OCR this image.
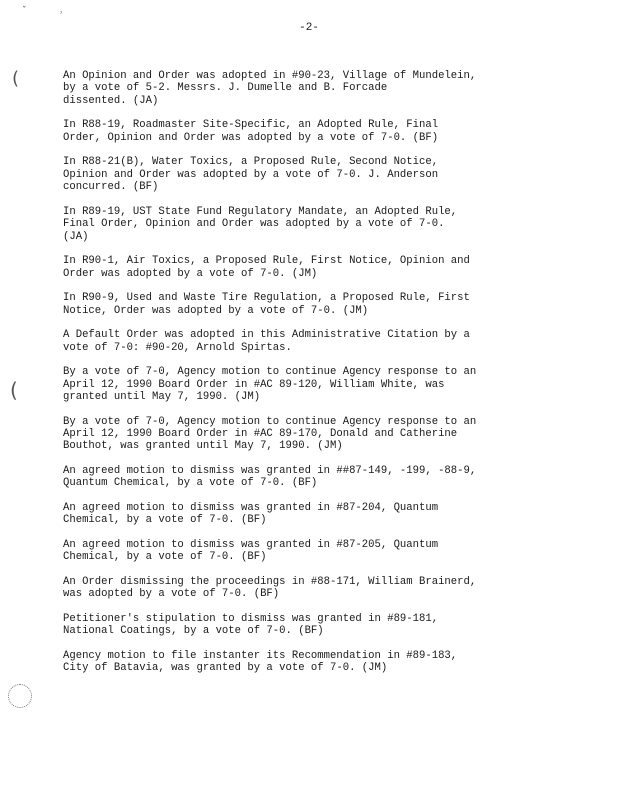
ˇ	˒
(
(
-2-

An Opinion and Order was adopted in #90-23, Village of Mundelein,
by a vote of 5-2. Messrs. J. Dumelle and B. Forcade
dissented. (JA)

In R88-19, Roadmaster Site-Specific, an Adopted Rule, Final
Order, Opinion and Order was adopted by a vote of 7-0. (BF)

In R88-21(B), Water Toxics, a Proposed Rule, Second Notice,
Opinion and Order was adopted by a vote of 7-0. J. Anderson
concurred. (BF)

In R89-19, UST State Fund Regulatory Mandate, an Adopted Rule,
Final Order, Opinion and Order was adopted by a vote of 7-0.
(JA)

In R90-1, Air Toxics, a Proposed Rule, First Notice, Opinion and
Order was adopted by a vote of 7-0. (JM)

In R90-9, Used and Waste Tire Regulation, a Proposed Rule, First
Notice, Order was adopted by a vote of 7-0. (JM)

A Default Order was adopted in this Administrative Citation by a
vote of 7-0: #90-20, Arnold Spirtas.

By a vote of 7-0, Agency motion to continue Agency response to an
April 12, 1990 Board Order in #AC 89-120, William White, was
granted until May 7, 1990. (JM)

By a vote of 7-0, Agency motion to continue Agency response to an
April 12, 1990 Board Order in #AC 89-170, Donald and Catherine
Bouthot, was granted until May 7, 1990. (JM)

An agreed motion to dismiss was granted in ##87-149, -199, -88-9,
Quantum Chemical, by a vote of 7-0. (BF)

An agreed motion to dismiss was granted in #87-204, Quantum
Chemical, by a vote of 7-0. (BF)

An agreed motion to dismiss was granted in #87-205, Quantum
Chemical, by a vote of 7-0. (BF)

An Order dismissing the proceedings in #88-171, William Brainerd,
was adopted by a vote of 7-0. (BF)

Petitioner's stipulation to dismiss was granted in #89-181,
National Coatings, by a vote of 7-0. (BF)

Agency motion to file instanter its Recommendation in #89-183,
City of Batavia, was granted by a vote of 7-0. (JM)
